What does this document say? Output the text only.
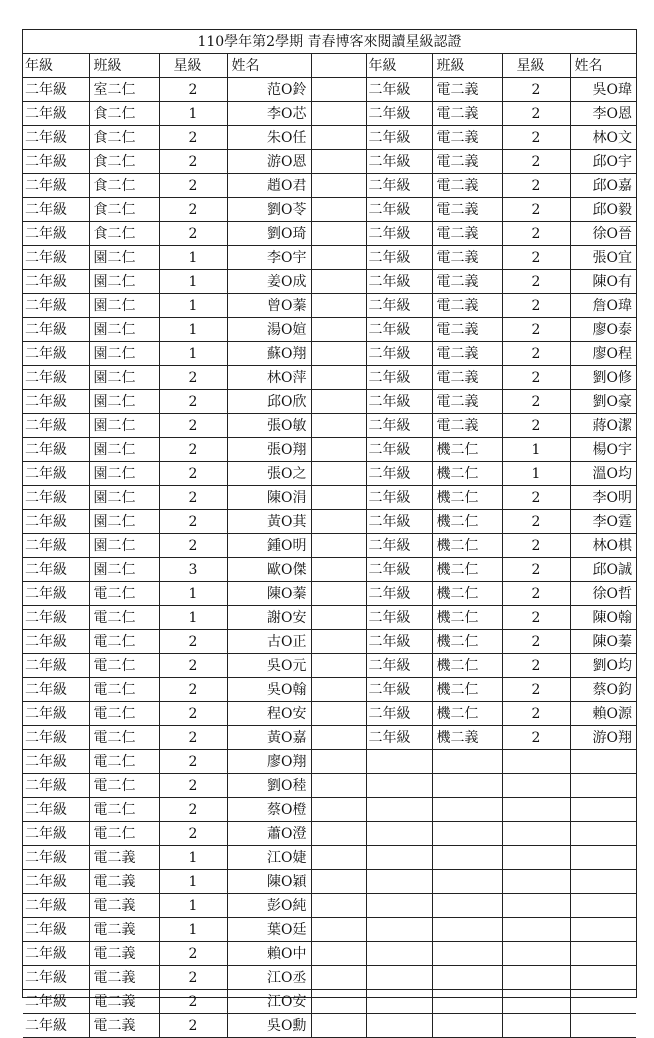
110學年第2學期 青春博客來閱讀星級認證
年級	班級	星級	姓名		年級	班級	星級	姓名
二年級	室二仁	2	范O鈴		二年級	電二義	2	吳O瑋
二年級	食二仁	1	李O芯		二年級	電二義	2	李O恩
二年級	食二仁	2	朱O任		二年級	電二義	2	林O文
二年級	食二仁	2	游O恩		二年級	電二義	2	邱O宇
二年級	食二仁	2	趙O君		二年級	電二義	2	邱O嘉
二年級	食二仁	2	劉O苓		二年級	電二義	2	邱O毅
二年級	食二仁	2	劉O琦		二年級	電二義	2	徐O晉
二年級	園二仁	1	李O宇		二年級	電二義	2	張O宜
二年級	園二仁	1	姜O成		二年級	電二義	2	陳O有
二年級	園二仁	1	曾O蓁		二年級	電二義	2	詹O瑋
二年級	園二仁	1	湯O媗		二年級	電二義	2	廖O泰
二年級	園二仁	1	蘇O翔		二年級	電二義	2	廖O程
二年級	園二仁	2	林O萍		二年級	電二義	2	劉O修
二年級	園二仁	2	邱O欣		二年級	電二義	2	劉O豪
二年級	園二仁	2	張O敏		二年級	電二義	2	蔣O潔
二年級	園二仁	2	張O翔		二年級	機二仁	1	楊O宇
二年級	園二仁	2	張O之		二年級	機二仁	1	溫O均
二年級	園二仁	2	陳O涓		二年級	機二仁	2	李O明
二年級	園二仁	2	黃O萁		二年級	機二仁	2	李O霆
二年級	園二仁	2	鍾O明		二年級	機二仁	2	林O棋
二年級	園二仁	3	歐O傑		二年級	機二仁	2	邱O誠
二年級	電二仁	1	陳O蓁		二年級	機二仁	2	徐O哲
二年級	電二仁	1	謝O安		二年級	機二仁	2	陳O翰
二年級	電二仁	2	古O正		二年級	機二仁	2	陳O蓁
二年級	電二仁	2	吳O元		二年級	機二仁	2	劉O均
二年級	電二仁	2	吳O翰		二年級	機二仁	2	蔡O鈞
二年級	電二仁	2	程O安		二年級	機二仁	2	賴O源
二年級	電二仁	2	黃O嘉		二年級	機二義	2	游O翔
二年級	電二仁	2	廖O翔					
二年級	電二仁	2	劉O稑					
二年級	電二仁	2	蔡O橙					
二年級	電二仁	2	蕭O澄					
二年級	電二義	1	江O婕					
二年級	電二義	1	陳O穎					
二年級	電二義	1	彭O純					
二年級	電二義	1	葉O廷					
二年級	電二義	2	賴O中					
二年級	電二義	2	江O丞					
二年級	電二義	2	江O安					
二年級	電二義	2	吳O勳					
